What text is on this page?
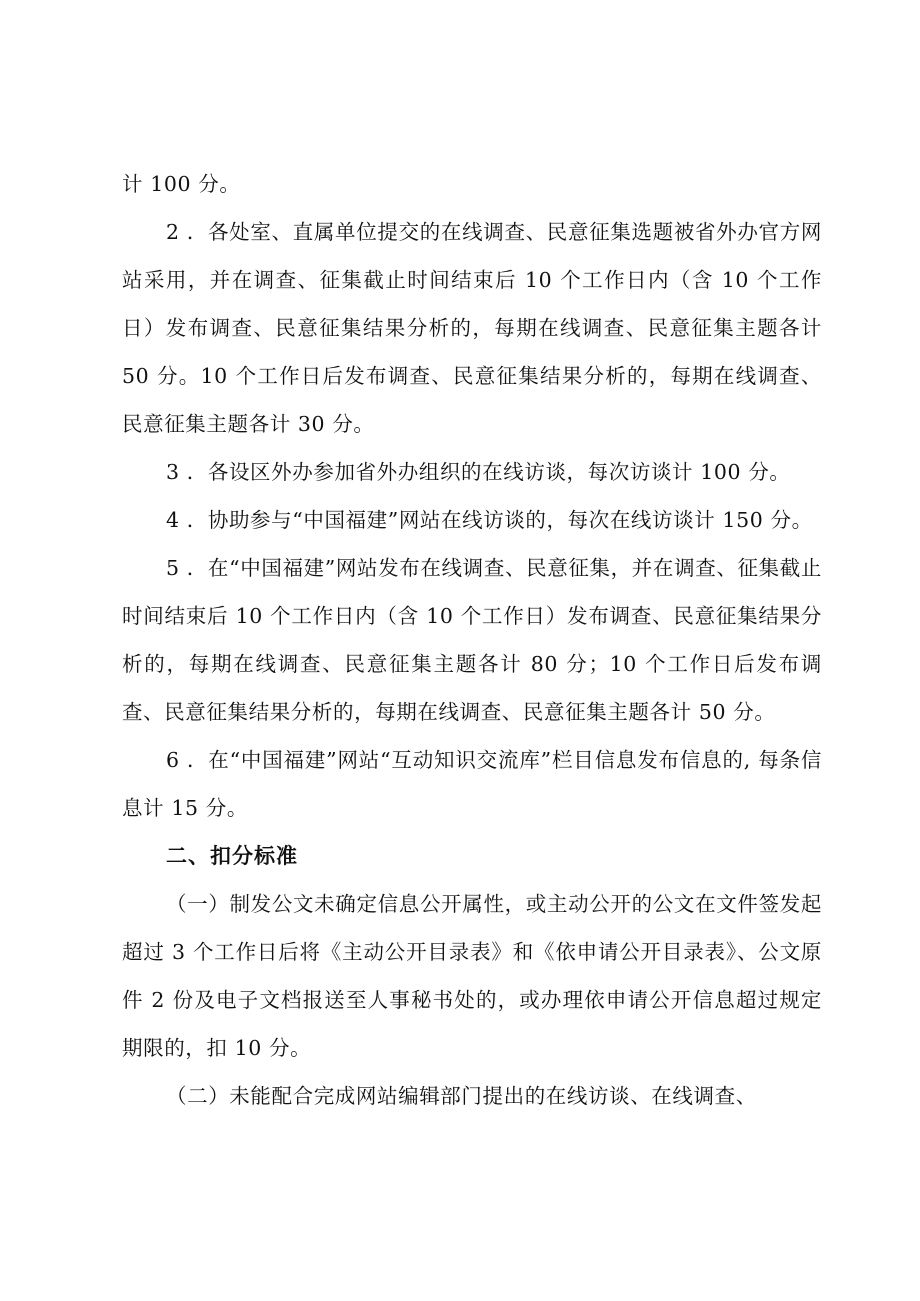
计 100 分。

2 ．各处室、直属单位提交的在线调查、民意征集选题被省外办官方网站采用，并在调查、征集截止时间结束后 10 个工作日内（含 10 个工作日）发布调查、民意征集结果分析的，每期在线调查、民意征集主题各计 50 分。10 个工作日后发布调查、民意征集结果分析的，每期在线调查、民意征集主题各计 30 分。

3 ．各设区外办参加省外办组织的在线访谈，每次访谈计 100 分。

4 ．协助参与“中国福建”网站在线访谈的，每次在线访谈计 150 分。

5 ．在“中国福建”网站发布在线调查、民意征集，并在调查、征集截止时间结束后 10 个工作日内（含 10 个工作日）发布调查、民意征集结果分析的，每期在线调查、民意征集主题各计 80 分；10 个工作日后发布调查、民意征集结果分析的，每期在线调查、民意征集主题各计 50 分。

6 ．在“中国福建”网站“互动知识交流库”栏目信息发布信息的, 每条信息计 15 分。

二、扣分标准

（一）制发公文未确定信息公开属性，或主动公开的公文在文件签发起超过 3 个工作日后将《主动公开目录表》和《依申请公开目录表》、公文原件 2 份及电子文档报送至人事秘书处的，或办理依申请公开信息超过规定期限的，扣 10 分。

（二）未能配合完成网站编辑部门提出的在线访谈、在线调查、
